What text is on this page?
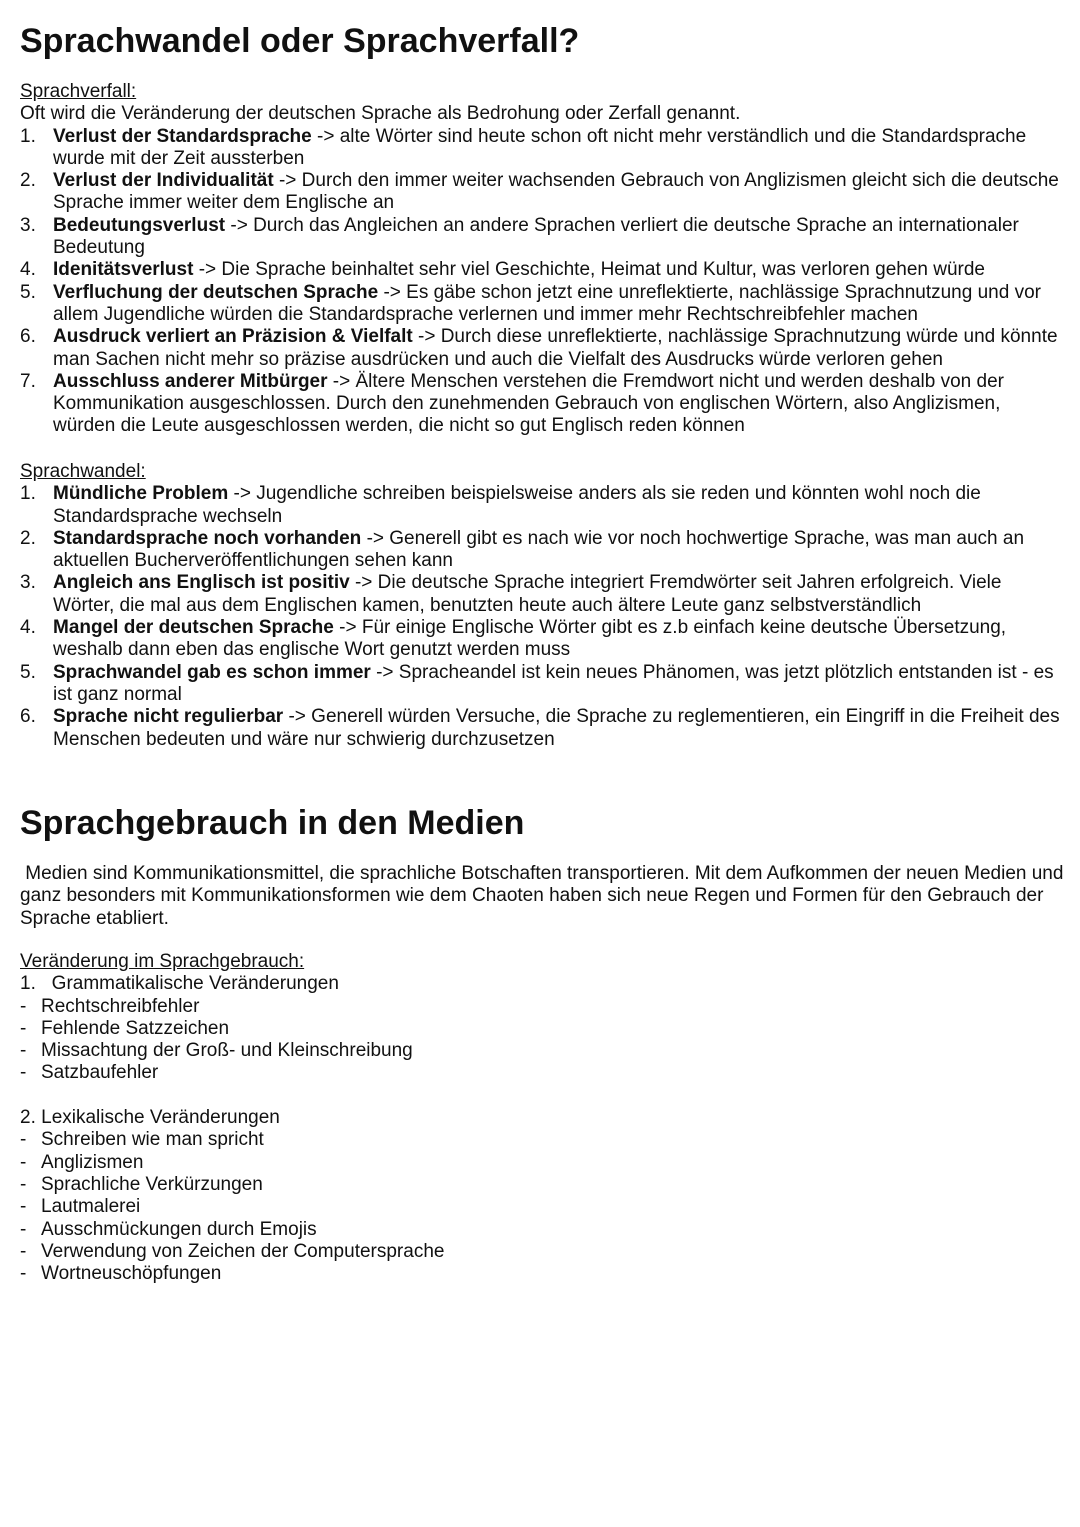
Sprachwandel oder Sprachverfall?
Sprachverfall:
Oft wird die Veränderung der deutschen Sprache als Bedrohung oder Zerfall genannt.
1. Verlust der Standardsprache -> alte Wörter sind heute schon oft nicht mehr verständlich und die Standardsprache wurde mit der Zeit aussterben
2. Verlust der Individualität -> Durch den immer weiter wachsenden Gebrauch von Anglizismen gleicht sich die deutsche Sprache immer weiter dem Englische an
3. Bedeutungsverlust -> Durch das Angleichen an andere Sprachen verliert die deutsche Sprache an internationaler Bedeutung
4. Idenitätsverlust -> Die Sprache beinhaltet sehr viel Geschichte, Heimat und Kultur, was verloren gehen würde
5. Verfluchung der deutschen Sprache -> Es gäbe schon jetzt eine unreflektierte, nachlässige Sprachnutzung und vor allem Jugendliche würden die Standardsprache verlernen und immer mehr Rechtschreibfehler machen
6. Ausdruck verliert an Präzision & Vielfalt -> Durch diese unreflektierte, nachlässige Sprachnutzung würde und könnte man Sachen nicht mehr so präzise ausdrücken und auch die Vielfalt des Ausdrucks würde verloren gehen
7. Ausschluss anderer Mitbürger -> Ältere Menschen verstehen die Fremdwort nicht und werden deshalb von der Kommunikation ausgeschlossen. Durch den zunehmenden Gebrauch von englischen Wörtern, also Anglizismen, würden die Leute ausgeschlossen werden, die nicht so gut Englisch reden können
Sprachwandel:
1. Mündliche Problem -> Jugendliche schreiben beispielsweise anders als sie reden und könnten wohl noch die Standardsprache wechseln
2. Standardsprache noch vorhanden -> Generell gibt es nach wie vor noch hochwertige Sprache, was man auch an aktuellen Bucherveröffentlichungen sehen kann
3. Angleich ans Englisch ist positiv -> Die deutsche Sprache integriert Fremdwörter seit Jahren erfolgreich. Viele Wörter, die mal aus dem Englischen kamen, benutzten heute auch ältere Leute ganz selbstverständlich
4. Mangel der deutschen Sprache -> Für einige Englische Wörter gibt es z.b einfach keine deutsche Übersetzung, weshalb dann eben das englische Wort genutzt werden muss
5. Sprachwandel gab es schon immer -> Spracheandel ist kein neues Phänomen, was jetzt plötzlich entstanden ist - es ist ganz normal
6. Sprache nicht regulierbar -> Generell würden Versuche, die Sprache zu reglementieren, ein Eingriff in die Freiheit des Menschen bedeuten und wäre nur schwierig durchzusetzen
Sprachgebrauch in den Medien
Medien sind Kommunikationsmittel, die sprachliche Botschaften transportieren. Mit dem Aufkommen der neuen Medien und ganz besonders mit Kommunikationsformen wie dem Chaoten haben sich neue Regen und Formen für den Gebrauch der Sprache etabliert.
Veränderung im Sprachgebrauch:
1.   Grammatikalische Veränderungen
- Rechtschreibfehler
- Fehlende Satzzeichen
- Missachtung der Groß- und Kleinschreibung
- Satzbaufehler
2. Lexikalische Veränderungen
- Schreiben wie man spricht
- Anglizismen
- Sprachliche Verkürzungen
- Lautmalerei
- Ausschmückungen durch Emojis
- Verwendung von Zeichen der Computersprache
- Wortneuschöpfungen
